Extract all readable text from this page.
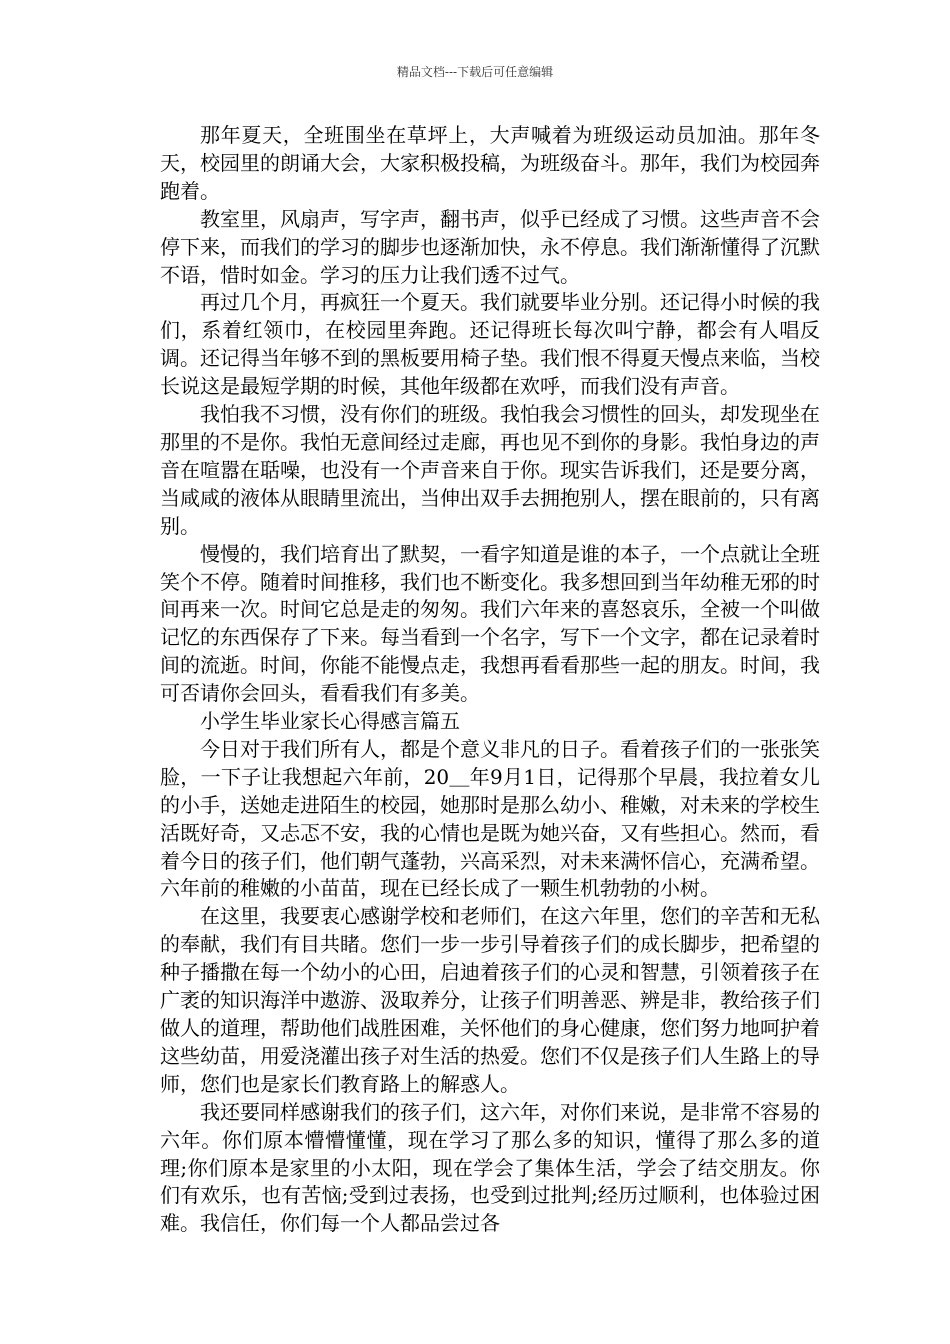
精品文档---下载后可任意编辑

那年夏天，全班围坐在草坪上，大声喊着为班级运动员加油。那年冬天，校园里的朗诵大会，大家积极投稿，为班级奋斗。那年，我们为校园奔跑着。

教室里，风扇声，写字声，翻书声，似乎已经成了习惯。这些声音不会停下来，而我们的学习的脚步也逐渐加快，永不停息。我们渐渐懂得了沉默不语，惜时如金。学习的压力让我们透不过气。

再过几个月，再疯狂一个夏天。我们就要毕业分别。还记得小时候的我们，系着红领巾，在校园里奔跑。还记得班长每次叫宁静，都会有人唱反调。还记得当年够不到的黑板要用椅子垫。我们恨不得夏天慢点来临，当校长说这是最短学期的时候，其他年级都在欢呼，而我们没有声音。

我怕我不习惯，没有你们的班级。我怕我会习惯性的回头，却发现坐在那里的不是你。我怕无意间经过走廊，再也见不到你的身影。我怕身边的声音在喧嚣在聒噪，也没有一个声音来自于你。现实告诉我们，还是要分离，当咸咸的液体从眼睛里流出，当伸出双手去拥抱别人，摆在眼前的，只有离别。

慢慢的，我们培育出了默契，一看字知道是谁的本子，一个点就让全班笑个不停。随着时间推移，我们也不断变化。我多想回到当年幼稚无邪的时间再来一次。时间它总是走的匆匆。我们六年来的喜怒哀乐，全被一个叫做记忆的东西保存了下来。每当看到一个名字，写下一个文字，都在记录着时间的流逝。时间，你能不能慢点走，我想再看看那些一起的朋友。时间，我可否请你会回头，看看我们有多美。

小学生毕业家长心得感言篇五

今日对于我们所有人，都是个意义非凡的日子。看着孩子们的一张张笑脸，一下子让我想起六年前，20＿年9月1日，记得那个早晨，我拉着女儿的小手，送她走进陌生的校园，她那时是那么幼小、稚嫩，对未来的学校生活既好奇，又忐忑不安，我的心情也是既为她兴奋，又有些担心。然而，看着今日的孩子们，他们朝气蓬勃，兴高采烈，对未来满怀信心，充满希望。六年前的稚嫩的小苗苗，现在已经长成了一颗生机勃勃的小树。

在这里，我要衷心感谢学校和老师们，在这六年里，您们的辛苦和无私的奉献，我们有目共睹。您们一步一步引导着孩子们的成长脚步，把希望的种子播撒在每一个幼小的心田，启迪着孩子们的心灵和智慧，引领着孩子在广袤的知识海洋中遨游、汲取养分，让孩子们明善恶、辨是非，教给孩子们做人的道理，帮助他们战胜困难，关怀他们的身心健康，您们努力地呵护着这些幼苗，用爱浇灌出孩子对生活的热爱。您们不仅是孩子们人生路上的导师，您们也是家长们教育路上的解惑人。

我还要同样感谢我们的孩子们，这六年，对你们来说，是非常不容易的六年。你们原本懵懵懂懂，现在学习了那么多的知识，懂得了那么多的道理;你们原本是家里的小太阳，现在学会了集体生活，学会了结交朋友。你们有欢乐，也有苦恼;受到过表扬，也受到过批判;经历过顺利，也体验过困难。我信任，你们每一个人都品尝过各
